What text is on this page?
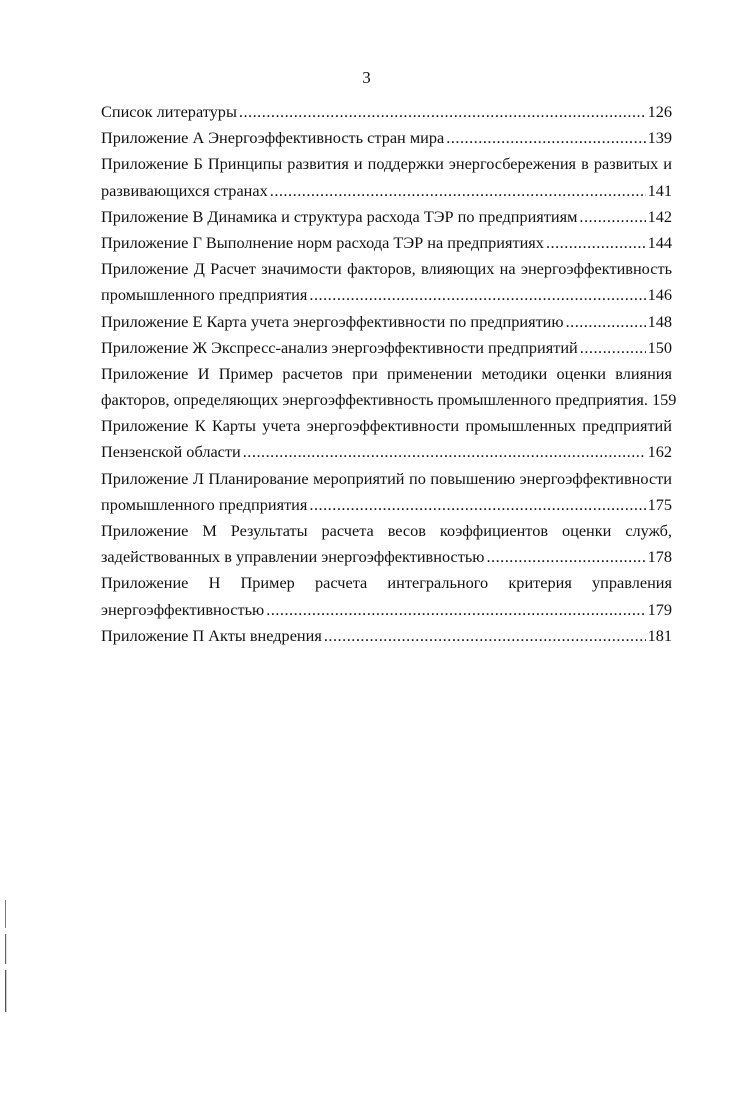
3
Список литературы .....	126
Приложение А Энергоэффективность стран мира .....	139
Приложение Б Принципы развития и поддержки энергосбережения в развитых и
развивающихся странах .....	141
Приложение В Динамика и структура расхода ТЭР по предприятиям .....	142
Приложение Г Выполнение норм расхода ТЭР на предприятиях .....	144
Приложение Д Расчет значимости факторов, влияющих на энергоэффективность
промышленного предприятия .....	146
Приложение Е Карта учета энергоэффективности по предприятию .....	148
Приложение Ж Экспресс-анализ энергоэффективности предприятий .....	150
Приложение И Пример расчетов при применении методики оценки влияния
факторов, определяющих энергоэффективность промышленного предприятия. 159
Приложение К Карты учета энергоэффективности промышленных предприятий
Пензенской области .....	162
Приложение Л Планирование мероприятий по повышению энергоэффективности
промышленного предприятия .....	175
Приложение М Результаты расчета весов коэффициентов оценки служб,
задействованных в управлении энергоэффективностью .....	178
Приложение Н Пример расчета интегрального критерия управления
энергоэффективностью .....	179
Приложение П Акты внедрения .....	181
